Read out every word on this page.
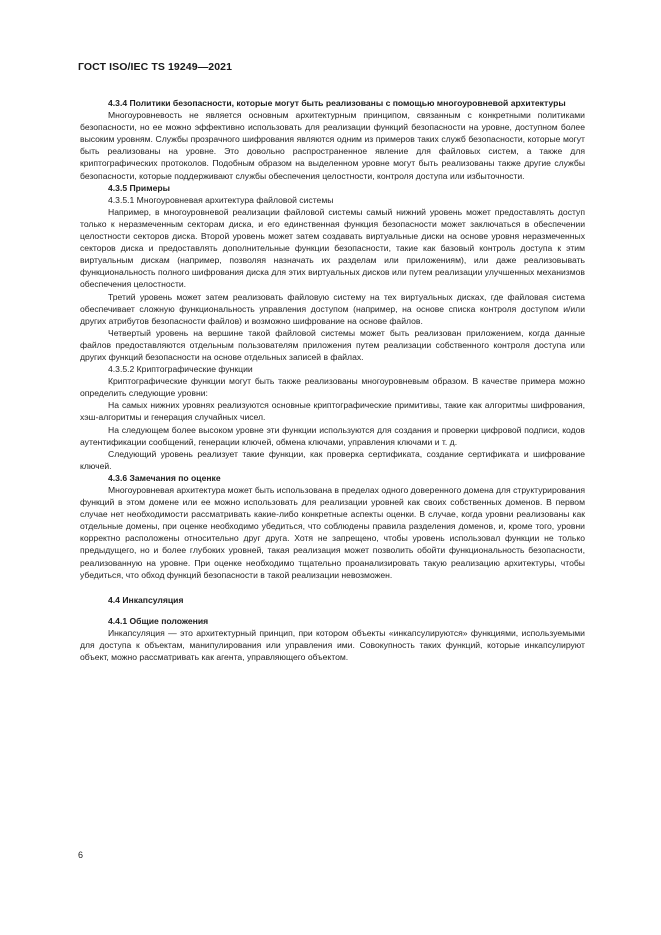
ГОСТ ISO/IEC TS 19249—2021

4.3.4 Политики безопасности, которые могут быть реализованы с помощью многоуровневой архитектуры

Многоуровневость не является основным архитектурным принципом, связанным с конкретными политиками безопасности, но ее можно эффективно использовать для реализации функций безопасности на уровне, доступном более высоким уровням. Службы прозрачного шифрования являются одним из примеров таких служб безопасности, которые могут быть реализованы на уровне. Это довольно распространенное явление для файловых систем, а также для криптографических протоколов. Подобным образом на выделенном уровне могут быть реализованы также другие службы безопасности, которые поддерживают службы обеспечения целостности, контроля доступа или избыточности.

4.3.5 Примеры

4.3.5.1 Многоуровневая архитектура файловой системы

Например, в многоуровневой реализации файловой системы самый нижний уровень может предоставлять доступ только к неразмеченным секторам диска, и его единственная функция безопасности может заключаться в обеспечении целостности секторов диска. Второй уровень может затем создавать виртуальные диски на основе уровня неразмеченных секторов диска и предоставлять дополнительные функции безопасности, такие как базовый контроль доступа к этим виртуальным дискам (например, позволяя назначать их разделам или приложениям), или даже реализовывать функциональность полного шифрования диска для этих виртуальных дисков или путем реализации улучшенных механизмов обеспечения целостности.

Третий уровень может затем реализовать файловую систему на тех виртуальных дисках, где файловая система обеспечивает сложную функциональность управления доступом (например, на основе списка контроля доступом и/или других атрибутов безопасности файлов) и возможно шифрование на основе файлов.

Четвертый уровень на вершине такой файловой системы может быть реализован приложением, когда данные файлов предоставляются отдельным пользователям приложения путем реализации собственного контроля доступа или других функций безопасности на основе отдельных записей в файлах.

4.3.5.2 Криптографические функции

Криптографические функции могут быть также реализованы многоуровневым образом. В качестве примера можно определить следующие уровни:

На самых нижних уровнях реализуются основные криптографические примитивы, такие как алгоритмы шифрования, хэш-алгоритмы и генерация случайных чисел.

На следующем более высоком уровне эти функции используются для создания и проверки цифровой подписи, кодов аутентификации сообщений, генерации ключей, обмена ключами, управления ключами и т. д.

Следующий уровень реализует такие функции, как проверка сертификата, создание сертификата и шифрование ключей.

4.3.6 Замечания по оценке

Многоуровневая архитектура может быть использована в пределах одного доверенного домена для структурирования функций в этом домене или ее можно использовать для реализации уровней как своих собственных доменов. В первом случае нет необходимости рассматривать какие-либо конкретные аспекты оценки. В случае, когда уровни реализованы как отдельные домены, при оценке необходимо убедиться, что соблюдены правила разделения доменов, и, кроме того, уровни корректно расположены относительно друг друга. Хотя не запрещено, чтобы уровень использовал функции не только предыдущего, но и более глубоких уровней, такая реализация может позволить обойти функциональность безопасности, реализованную на уровне. При оценке необходимо тщательно проанализировать такую реализацию архитектуры, чтобы убедиться, что обход функций безопасности в такой реализации невозможен.

4.4 Инкапсуляция

4.4.1 Общие положения

Инкапсуляция — это архитектурный принцип, при котором объекты «инкапсулируются» функциями, используемыми для доступа к объектам, манипулирования или управления ими. Совокупность таких функций, которые инкапсулируют объект, можно рассматривать как агента, управляющего объектом.

6
